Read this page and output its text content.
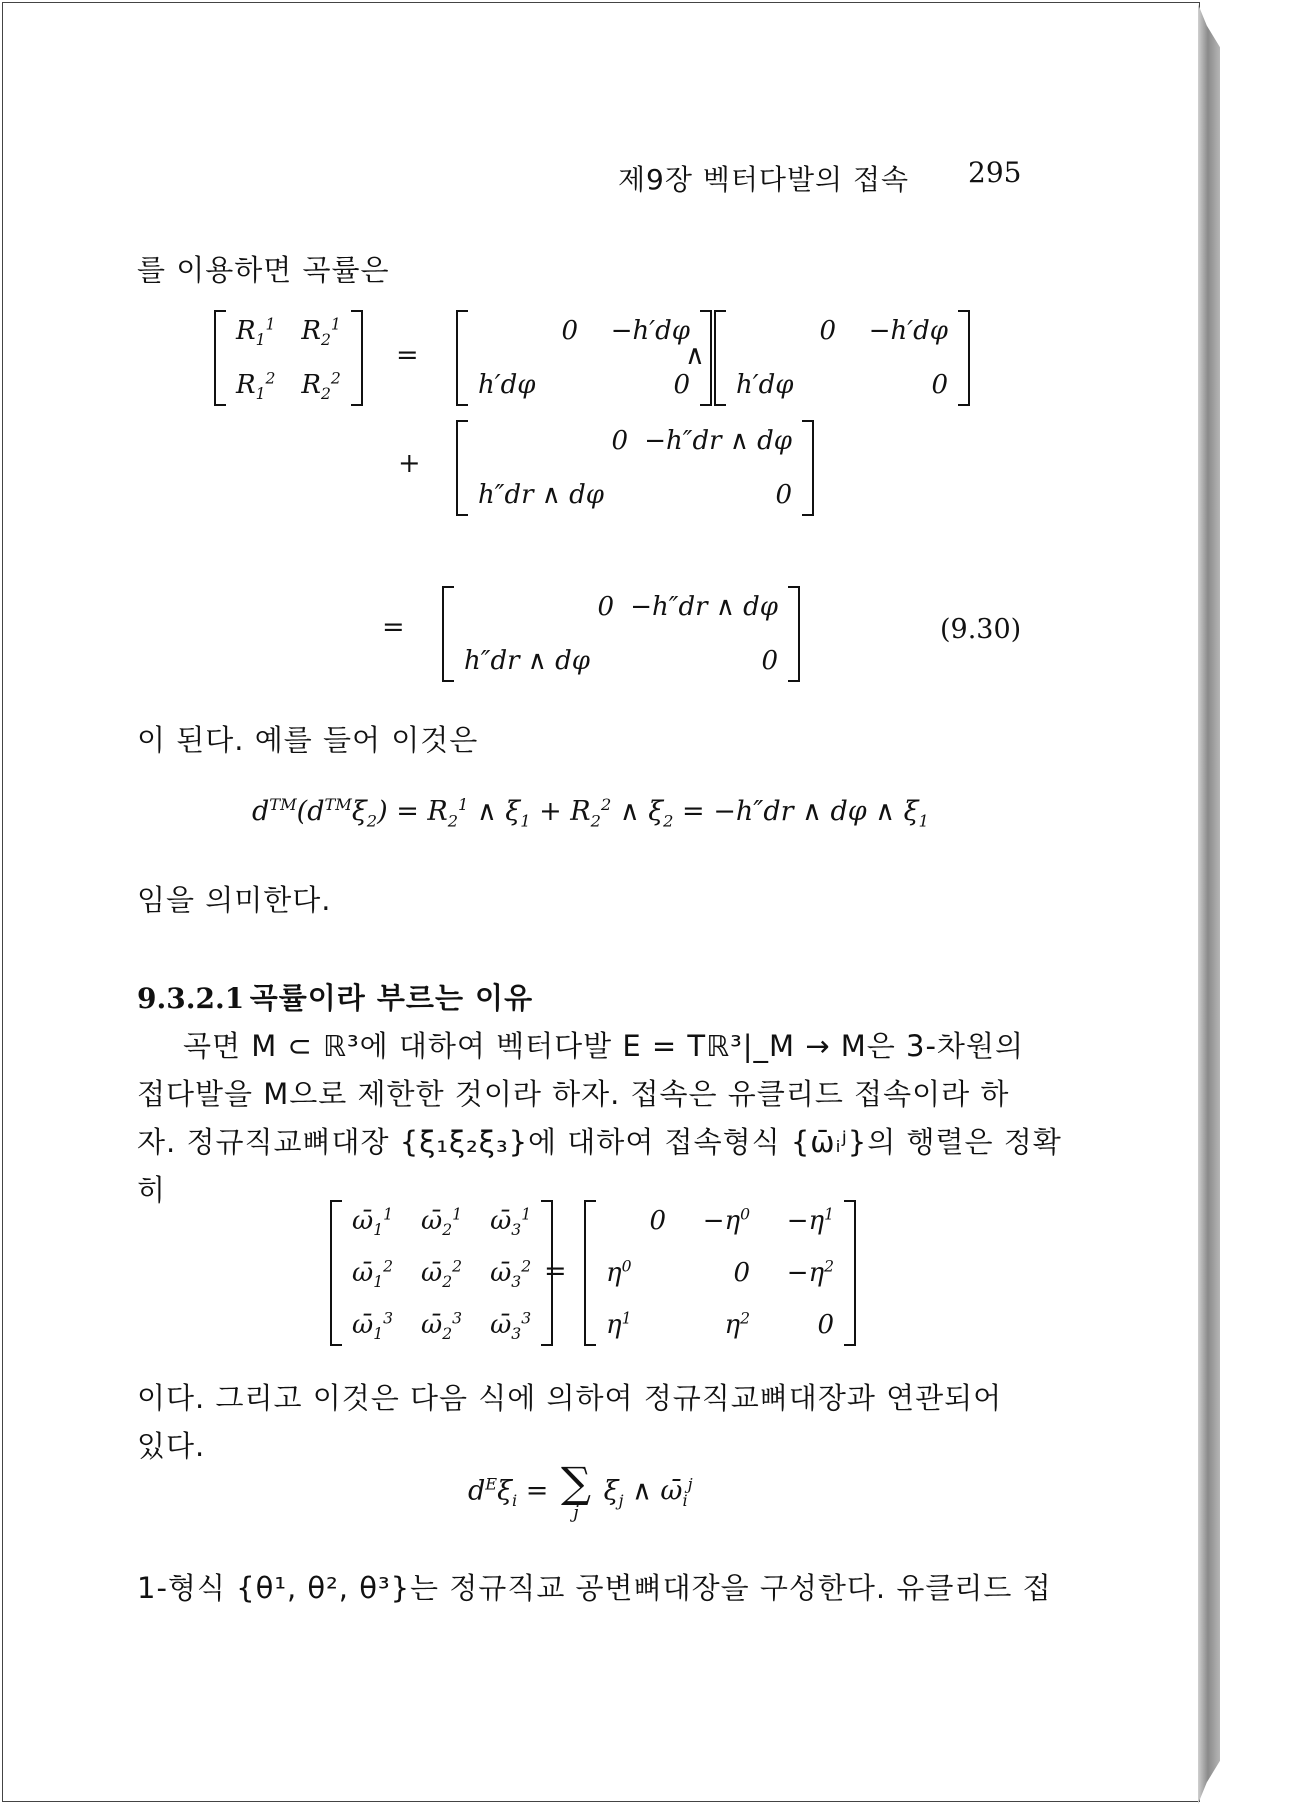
제9장 벡터다발의 접속 295
를 이용하면 곡률은
$R_1^1$ $R_2^1$
$R_1^2$ $R_2^2$
=
0	−h′dφ
h′dφ	0
∧
0	−h′dφ
h′dφ	0
+
0 −h″dr ∧ dφ
h″dr ∧ dφ	0
=
0 −h″dr ∧ dφ
h″dr ∧ dφ	0
(9.30)
이 된다. 예를 들어 이것은
$d™(d™\xi_2) = R_2^1$ ∧ $\xi_1 + R_2^2$ ∧ $\xi_2 = -h''dr$ ∧ dφ ∧ $\xi_1$
임을 의미한다.
9.3.2.1 곡률이라 부르는 이유
곡면 M ⊂ ℝ³에 대하여 벡터다발 E = Tℝ³|_M → M은 3-차원의
접다발을 M으로 제한한 것이라 하자. 접속은 유클리드 접속이라 하
자. 정규직교뼈대장 {ξ₁ξ₂ξ₃}에 대하여 접속형식 {ω̄ᵢʲ}의 행렬은 정확
히
$\omegā_1^1$ $\omegā_2^1$ $\omegā_3^1$
$\omegā_1^2$ $\omegā_2^2$ $\omegā_3^2$
$\omegā_1^3$ $\omegā_2^3$ $\omegā_3^3$
=
0	$-\eta^0$	$-\eta^1$
$\eta^0$	0	$-\eta^2$
$\eta^1$	$\eta^2$	0
이다. 그리고 이것은 다음 식에 의하여 정규직교뼈대장과 연관되어
있다.
$d^E\xi_i$ = ∑
j
$\xi_j$ ∧ $\omegā_i^j$
1-형식 {θ¹, θ², θ³}는 정규직교 공변뼈대장을 구성한다. 유클리드 접
